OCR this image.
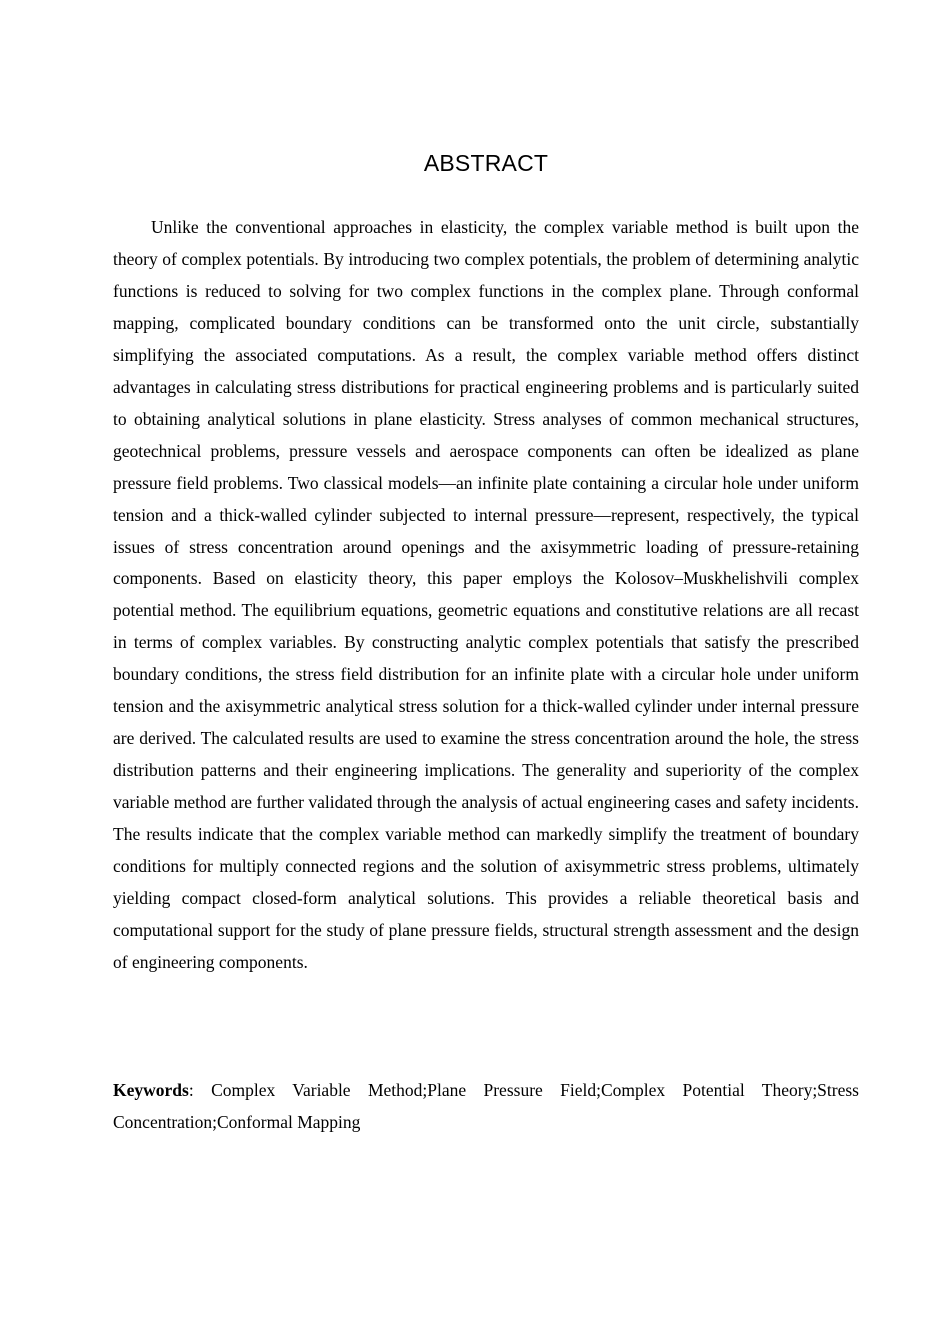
ABSTRACT

Unlike the conventional approaches in elasticity, the complex variable method is built upon the theory of complex potentials. By introducing two complex potentials, the problem of determining analytic functions is reduced to solving for two complex functions in the complex plane. Through conformal mapping, complicated boundary conditions can be transformed onto the unit circle, substantially simplifying the associated computations. As a result, the complex variable method offers distinct advantages in calculating stress distributions for practical engineering problems and is particularly suited to obtaining analytical solutions in plane elasticity. Stress analyses of common mechanical structures, geotechnical problems, pressure vessels and aerospace components can often be idealized as plane pressure field problems. Two classical models—an infinite plate containing a circular hole under uniform tension and a thick-walled cylinder subjected to internal pressure—represent, respectively, the typical issues of stress concentration around openings and the axisymmetric loading of pressure-retaining components. Based on elasticity theory, this paper employs the Kolosov–Muskhelishvili complex potential method. The equilibrium equations, geometric equations and constitutive relations are all recast in terms of complex variables. By constructing analytic complex potentials that satisfy the prescribed boundary conditions, the stress field distribution for an infinite plate with a circular hole under uniform tension and the axisymmetric analytical stress solution for a thick-walled cylinder under internal pressure are derived. The calculated results are used to examine the stress concentration around the hole, the stress distribution patterns and their engineering implications. The generality and superiority of the complex variable method are further validated through the analysis of actual engineering cases and safety incidents. The results indicate that the complex variable method can markedly simplify the treatment of boundary conditions for multiply connected regions and the solution of axisymmetric stress problems, ultimately yielding compact closed-form analytical solutions. This provides a reliable theoretical basis and computational support for the study of plane pressure fields, structural strength assessment and the design of engineering components.

Keywords: Complex Variable Method;Plane Pressure Field;Complex Potential Theory;Stress Concentration;Conformal Mapping
